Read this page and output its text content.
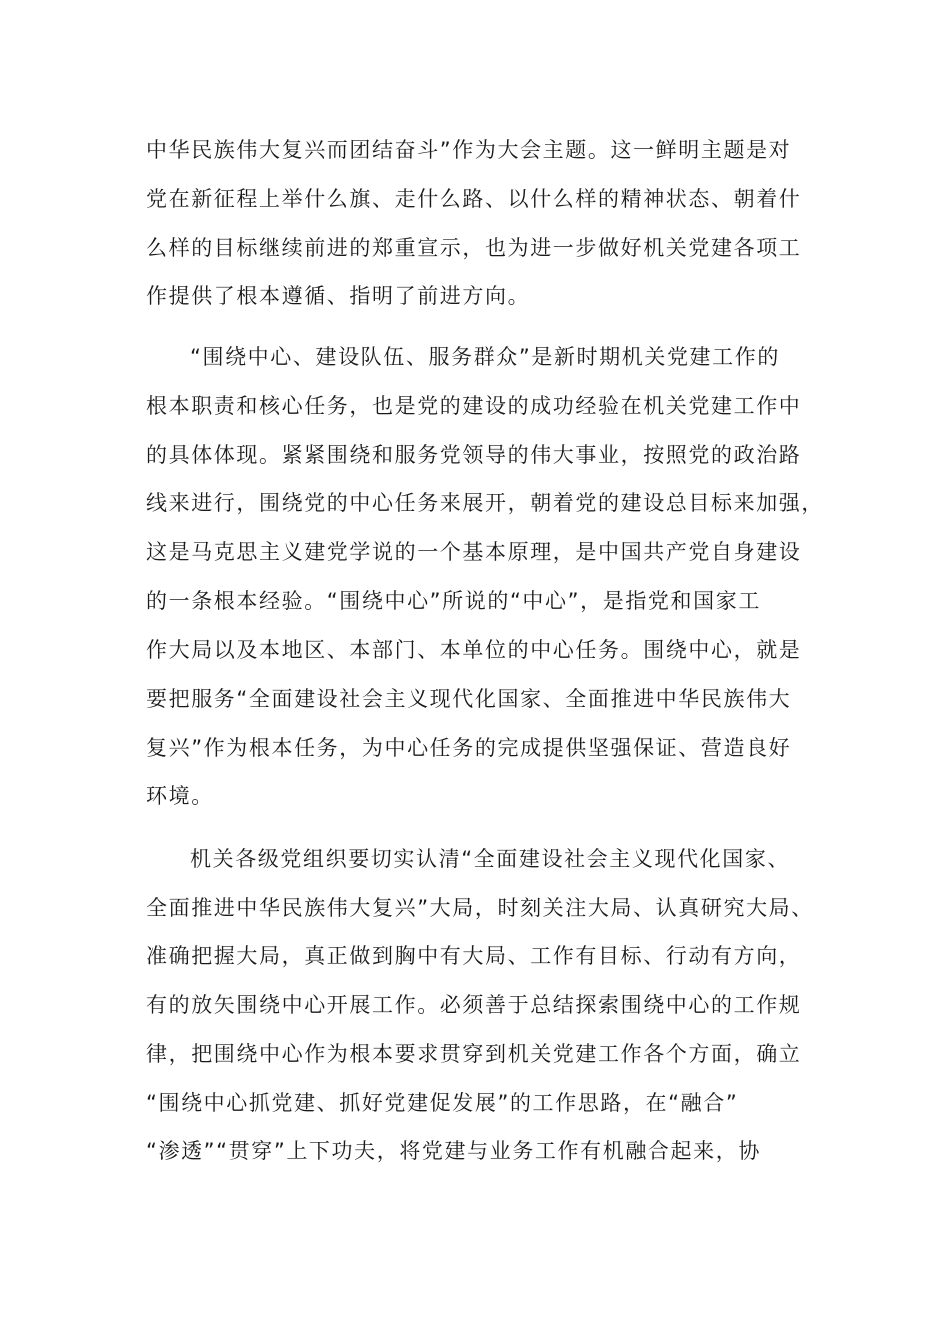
中华民族伟大复兴而团结奋斗”作为大会主题。这一鲜明主题是对
党在新征程上举什么旗、走什么路、以什么样的精神状态、朝着什
么样的目标继续前进的郑重宣示，也为进一步做好机关党建各项工
作提供了根本遵循、指明了前进方向。
“围绕中心、建设队伍、服务群众”是新时期机关党建工作的
根本职责和核心任务，也是党的建设的成功经验在机关党建工作中
的具体体现。紧紧围绕和服务党领导的伟大事业，按照党的政治路
线来进行，围绕党的中心任务来展开，朝着党的建设总目标来加强，
这是马克思主义建党学说的一个基本原理，是中国共产党自身建设
的一条根本经验。“围绕中心”所说的“中心”，是指党和国家工
作大局以及本地区、本部门、本单位的中心任务。围绕中心，就是
要把服务“全面建设社会主义现代化国家、全面推进中华民族伟大
复兴”作为根本任务，为中心任务的完成提供坚强保证、营造良好
环境。
机关各级党组织要切实认清“全面建设社会主义现代化国家、
全面推进中华民族伟大复兴”大局，时刻关注大局、认真研究大局、
准确把握大局，真正做到胸中有大局、工作有目标、行动有方向，
有的放矢围绕中心开展工作。必须善于总结探索围绕中心的工作规
律，把围绕中心作为根本要求贯穿到机关党建工作各个方面，确立
“围绕中心抓党建、抓好党建促发展”的工作思路，在“融合”
“渗透”“贯穿”上下功夫，将党建与业务工作有机融合起来，协
